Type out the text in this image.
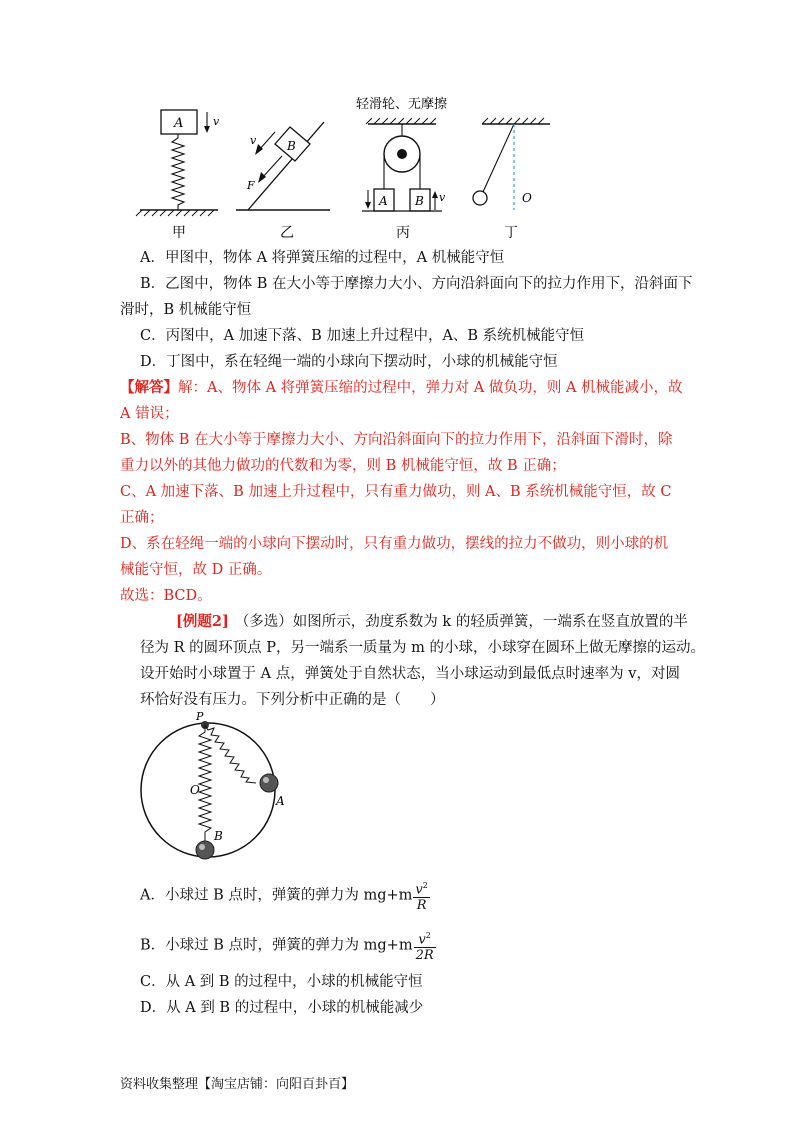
A	v
甲
B
v
F
乙
轻滑轮、无摩擦
A B v
丙
O
丁
A．甲图中，物体 A 将弹簧压缩的过程中，A 机械能守恒
B．乙图中，物体 B 在大小等于摩擦力大小、方向沿斜面向下的拉力作用下，沿斜面下
滑时，B 机械能守恒
C．丙图中，A 加速下落、B 加速上升过程中，A、B 系统机械能守恒
D．丁图中，系在轻绳一端的小球向下摆动时，小球的机械能守恒
【解答】解：A、物体 A 将弹簧压缩的过程中，弹力对 A 做负功，则 A 机械能减小，故
A 错误；
B、物体 B 在大小等于摩擦力大小、方向沿斜面向下的拉力作用下，沿斜面下滑时，除
重力以外的其他力做功的代数和为零，则 B 机械能守恒，故 B 正确；
C、A 加速下落、B 加速上升过程中，只有重力做功，则 A、B 系统机械能守恒，故 C
正确；
D、系在轻绳一端的小球向下摆动时，只有重力做功，摆线的拉力不做功，则小球的机
械能守恒，故 D 正确。
故选：BCD。
[例题2] （多选）如图所示，劲度系数为 k 的轻质弹簧，一端系在竖直放置的半
径为 R 的圆环顶点 P，另一端系一质量为 m 的小球，小球穿在圆环上做无摩擦的运动。
设开始时小球置于 A 点，弹簧处于自然状态，当小球运动到最低点时速率为 v，对圆
环恰好没有压力。下列分析中正确的是（　　）
P
O
A
B
A．小球过 B 点时，弹簧的弹力为 $mg+m \frac{v^2}{R}$
B．小球过 B 点时，弹簧的弹力为 $mg+m \frac{v^2}{2R}$
C．从 A 到 B 的过程中，小球的机械能守恒
D．从 A 到 B 的过程中，小球的机械能减少
资料收集整理【淘宝店铺：向阳百卦百】
